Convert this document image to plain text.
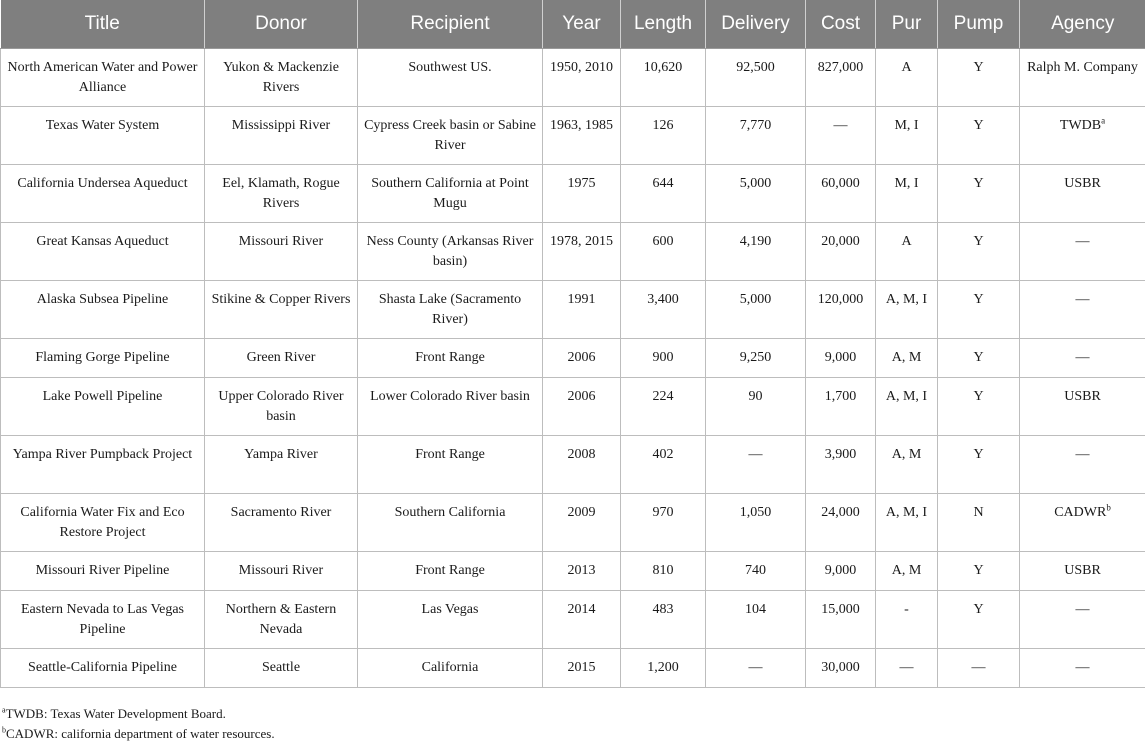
Title	Donor	Recipient	Year	Length	Delivery	Cost	Pur	Pump	Agency
North American Water and Power Alliance	Yukon & Mackenzie Rivers	Southwest US.	1950, 2010	10,620	92,500	827,000	A	Y	Ralph M. Company
Texas Water System	Mississippi River	Cypress Creek basin or Sabine River	1963, 1985	126	7,770	—	M, I	Y	TWDB$^a$
California Undersea Aqueduct	Eel, Klamath, Rogue Rivers	Southern California at Point Mugu	1975	644	5,000	60,000	M, I	Y	USBR
Great Kansas Aqueduct	Missouri River	Ness County (Arkansas River basin)	1978, 2015	600	4,190	20,000	A	Y	—
Alaska Subsea Pipeline	Stikine & Copper Rivers	Shasta Lake (Sacramento River)	1991	3,400	5,000	120,000	A, M, I	Y	—
Flaming Gorge Pipeline	Green River	Front Range	2006	900	9,250	9,000	A, M	Y	—
Lake Powell Pipeline	Upper Colorado River basin	Lower Colorado River basin	2006	224	90	1,700	A, M, I	Y	USBR
Yampa River Pumpback Project	Yampa River	Front Range	2008	402	—	3,900	A, M	Y	—
California Water Fix and Eco Restore Project	Sacramento River	Southern California	2009	970	1,050	24,000	A, M, I	N	CADWR$^b$
Missouri River Pipeline	Missouri River	Front Range	2013	810	740	9,000	A, M	Y	USBR
Eastern Nevada to Las Vegas Pipeline	Northern & Eastern Nevada	Las Vegas	2014	483	104	15,000	-	Y	—
Seattle-California Pipeline	Seattle	California	2015	1,200	—	30,000	—	—	—
$^a$TWDB: Texas Water Development Board.
$^b$CADWR: california department of water resources.
